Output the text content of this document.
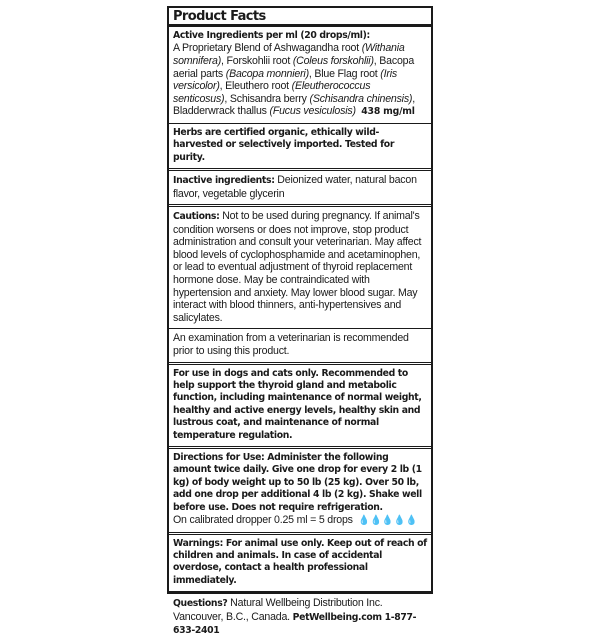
Product Facts
Active Ingredients per ml (20 drops/ml):
A Proprietary Blend of Ashwagandha root (Withania somnifera), Forskohlii root (Coleus forskohlii), Bacopa aerial parts (Bacopa monnieri), Blue Flag root (Iris versicolor), Eleuthero root (Eleutherococcus senticosus), Schisandra berry (Schisandra chinensis), Bladderwrack thallus (Fucus vesiculosis) 438 mg/ml
Herbs are certified organic, ethically wild-harvested or selectively imported. Tested for purity.
Inactive ingredients: Deionized water, natural bacon flavor, vegetable glycerin
Cautions: Not to be used during pregnancy. If animal's condition worsens or does not improve, stop product administration and consult your veterinarian. May affect blood levels of cyclophosphamide and acetaminophen, or lead to eventual adjustment of thyroid replacement hormone dose. May be contraindicated with hypertension and anxiety. May lower blood sugar. May interact with blood thinners, anti-hypertensives and salicylates.
An examination from a veterinarian is recommended prior to using this product.
For use in dogs and cats only. Recommended to help support the thyroid gland and metabolic function, including maintenance of normal weight, healthy and active energy levels, healthy skin and lustrous coat, and maintenance of normal temperature regulation.
Directions for Use: Administer the following amount twice daily. Give one drop for every 2 lb (1 kg) of body weight up to 50 lb (25 kg). Over 50 lb, add one drop per additional 4 lb (2 kg). Shake well before use. Does not require refrigeration.
On calibrated dropper 0.25 ml = 5 drops 💧💧💧💧💧
Warnings: For animal use only. Keep out of reach of children and animals. In case of accidental overdose, contact a health professional immediately.
Questions? Natural Wellbeing Distribution Inc. Vancouver, B.C., Canada. PetWellbeing.com 1-877-633-2401
